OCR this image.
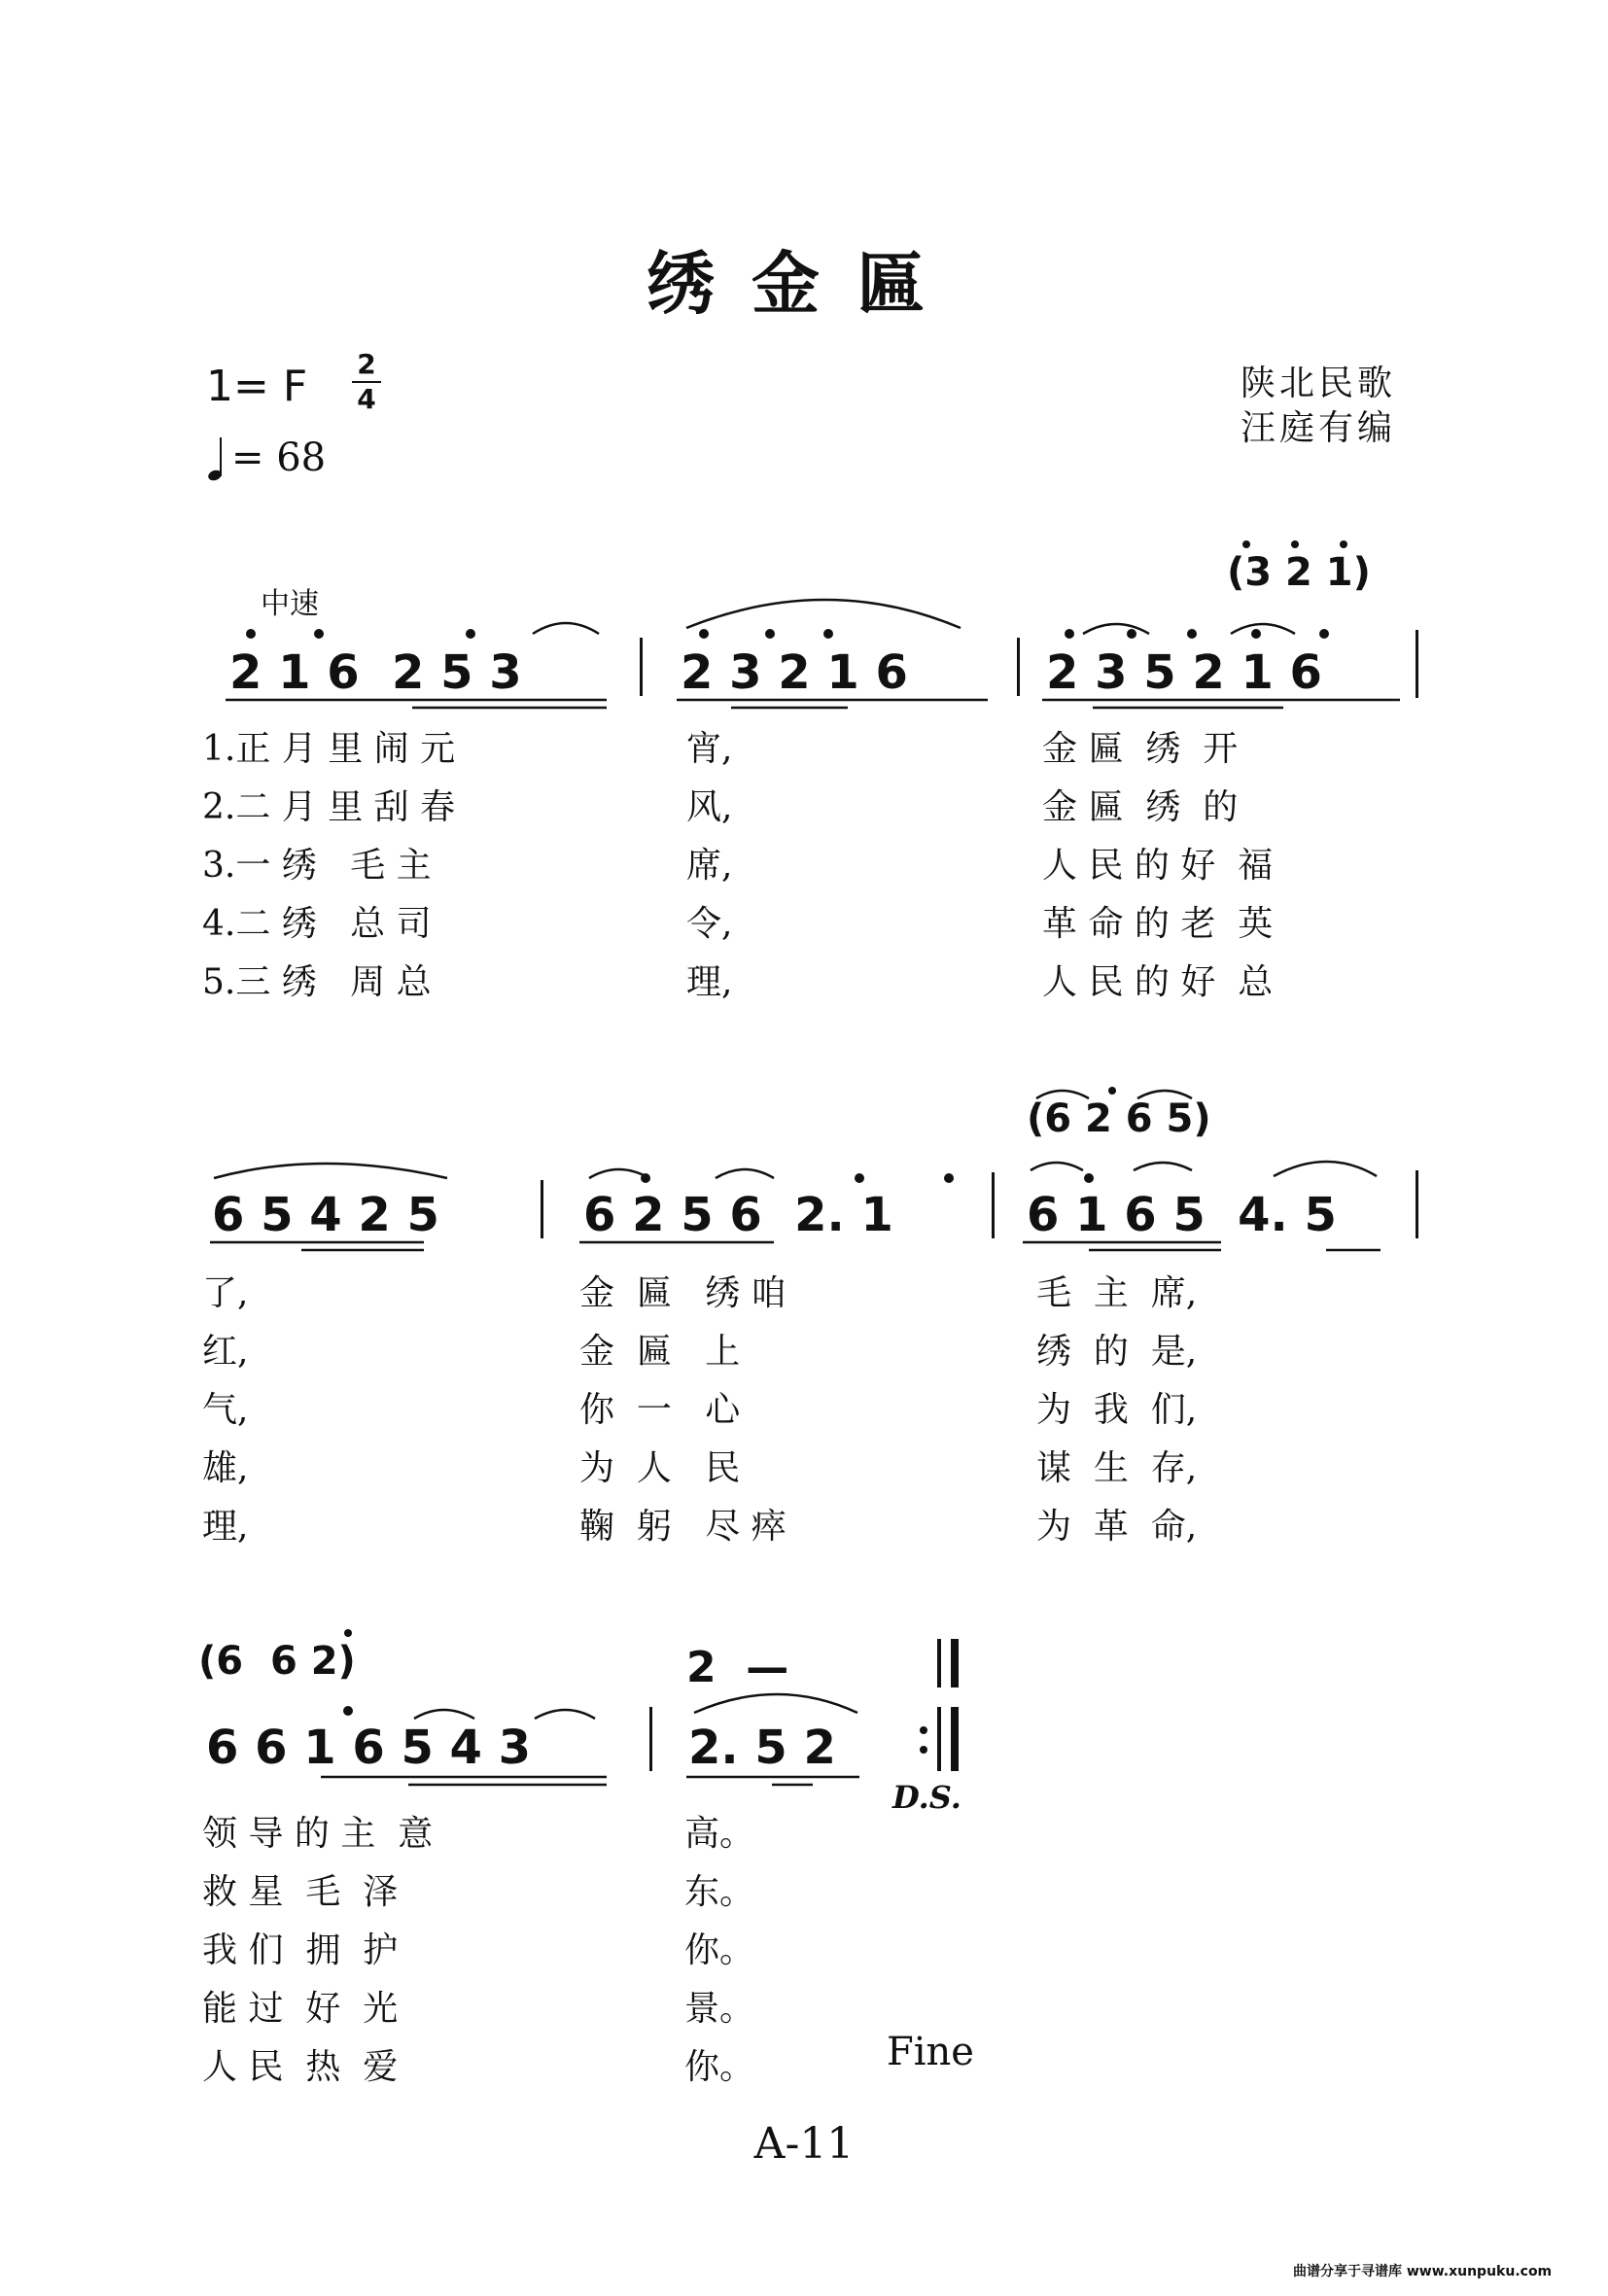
绣金匾
1= F 2
4
= 68
陕北民歌
汪庭有编
中速
(3 2 1)
2 1 6  2 5 3	2 3 2 1 6	2 3 5 2 1 6
1.正 月 里 闹 元	宵,	金 匾  绣  开
2.二 月 里 刮 春	风,	金 匾  绣  的
3.一 绣   毛 主	席,	人 民 的 好  福
4.二 绣   总 司	令,	革 命 的 老  英
5.三 绣   周 总	理,	人 民 的 好  总
(6 2 6 5)
6 5 4 2 5	6 2 5 6  2. 1	6 1 6 5  4. 5
了,	金  匾   绣 咱	毛  主  席,
红,	金  匾   上	绣  的  是,
气,	你  一   心	为  我  们,
雄,	为  人   民	谋  生  存,
理,	鞠  躬   尽 瘁	为  革  命,
(6  6 2)	2  —
6 6 1 6 5 4 3	2. 5 2
D.S.
领 导 的 主  意	高。
救 星  毛  泽	东。
我 们  拥  护	你。
能 过  好  光	景。
人 民  热  爱	你。	Fine
A-11
曲谱分享于寻谱库 www.xunpuku.com
